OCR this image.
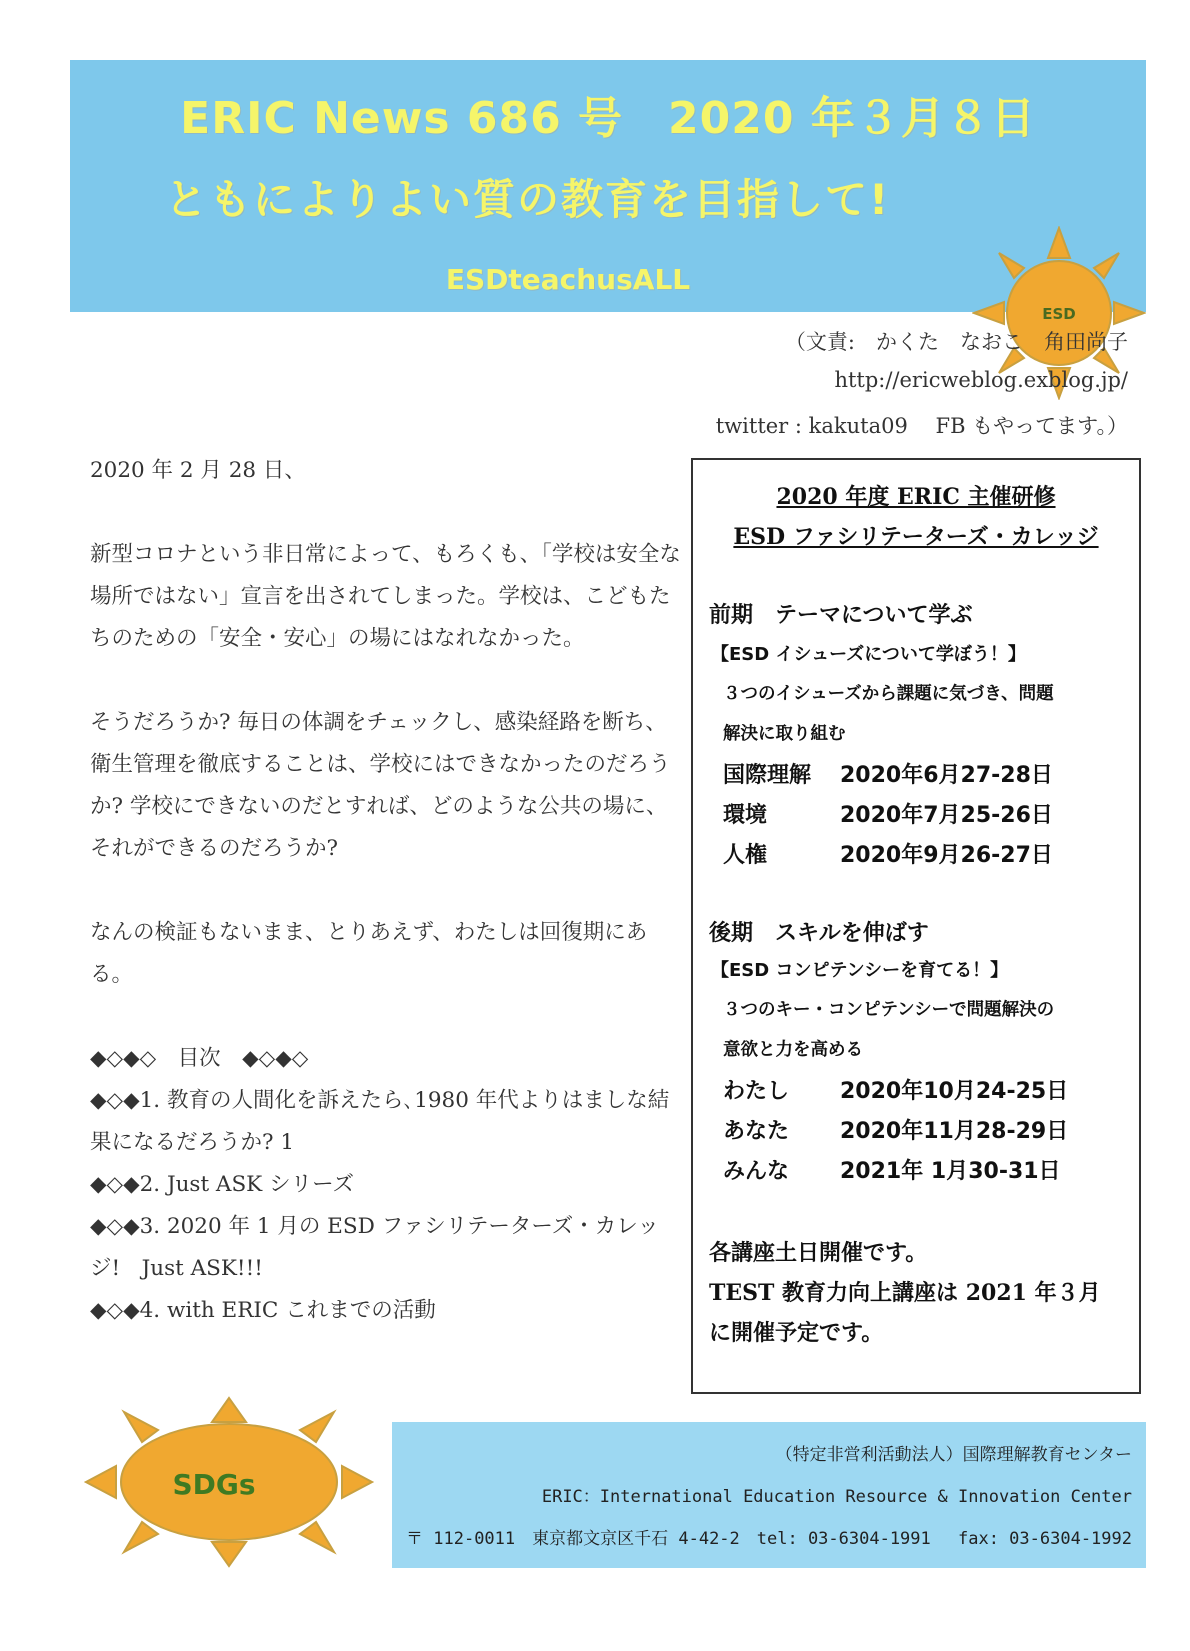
ERIC News 686 号　2020 年３月８日
ともによりよい質の教育を目指して!
ESDteachusALL
ESD
（文責:　かくた　なおこ　角田尚子
http://ericweblog.exblog.jp/
twitter : kakuta09　 FB もやってます。）

2020 年 2 月 28 日、

新型コロナという非日常によって、もろくも、「学校は安全な場所ではない」宣言を出されてしまった。学校は、こどもたちのための「安全・安心」の場にはなれなかった。

そうだろうか? 毎日の体調をチェックし、感染経路を断ち、衛生管理を徹底することは、学校にはできなかったのだろうか? 学校にできないのだとすれば、どのような公共の場に、それができるのだろうか?

なんの検証もないまま、とりあえず、わたしは回復期にある。

◆◇◆◇　目次　◆◇◆◇

◆◇◆1. 教育の人間化を訴えたら､1980 年代よりはましな結果になるだろうか? 1

◆◇◆2. Just ASK シリーズ

◆◇◆3. 2020 年 1 月の ESD ファシリテーターズ・カレッジ!　Just ASK!!!

◆◇◆4. with ERIC これまでの活動

2020 年度 ERIC 主催研修
ESD ファシリテーターズ・カレッジ
前期　テーマについて学ぶ
【ESD イシューズについて学ぼう！】
３つのイシューズから課題に気づき、問題
解決に取り組む
国際理解 2020年6月27-28日
環境	2020年7月25-26日
人権	2020年9月26-27日
後期　スキルを伸ばす
【ESD コンピテンシーを育てる！】
３つのキー・コンピテンシーで問題解決の
意欲と力を高める
わたし 2020年10月24-25日
あなた 2020年11月28-29日
みんな 2021年 1月30-31日
各講座土日開催です。
TEST 教育力向上講座は 2021 年３月
に開催予定です。
SDGs
（特定非営利活動法人）国際理解教育センター
ERIC：International Education Resource & Innovation Center
〒 112-0011　東京都文京区千石 4-42-2　tel: 03-6304-1991　 fax: 03-6304-1992
